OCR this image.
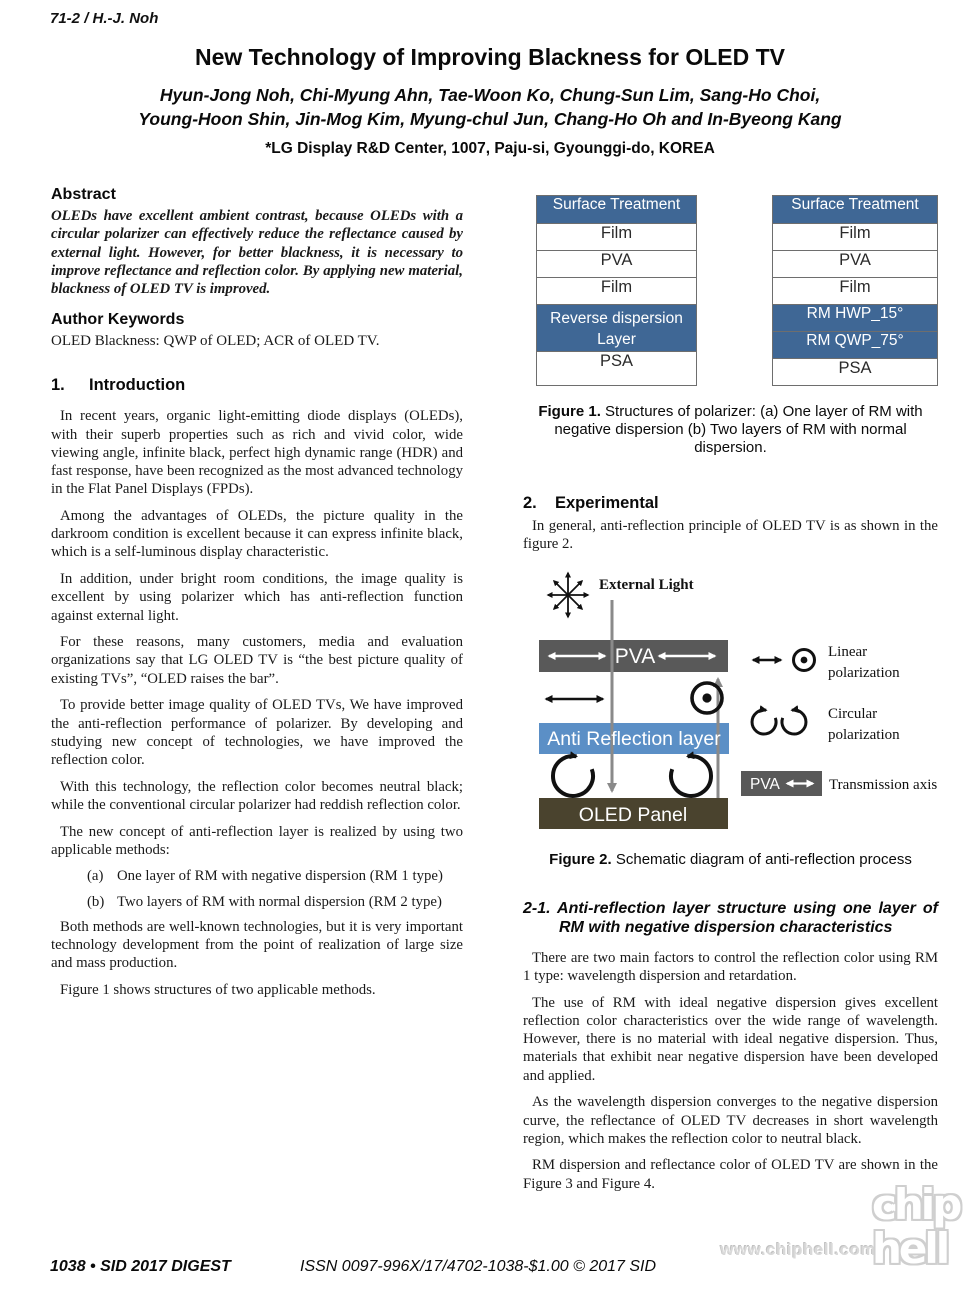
71-2 / H.-J. Noh
New Technology of Improving Blackness for OLED TV
Hyun-Jong Noh, Chi-Myung Ahn, Tae-Woon Ko, Chung-Sun Lim, Sang-Ho Choi,
Young-Hoon Shin, Jin-Mog Kim, Myung-chul Jun, Chang-Ho Oh and In-Byeong Kang
*LG Display R&D Center, 1007, Paju-si, Gyounggi-do, KOREA
Abstract

OLEDs have excellent ambient contrast, because OLEDs with a circular polarizer can effectively reduce the reflectance caused by external light. However, for better blackness, it is necessary to improve reflectance and reflection color. By applying new material, blackness of OLED TV is improved.

Author Keywords

OLED Blackness: QWP of OLED; ACR of OLED TV.

1. Introduction

In recent years, organic light-emitting diode displays (OLEDs), with their superb properties such as rich and vivid color, wide viewing angle, infinite black, perfect high dynamic range (HDR) and fast response, have been recognized as the most advanced technology in the Flat Panel Displays (FPDs).

Among the advantages of OLEDs, the picture quality in the darkroom condition is excellent because it can express infinite black, which is a self-luminous display characteristic.

In addition, under bright room conditions, the image quality is excellent by using polarizer which has anti-reflection function against external light.

For these reasons, many customers, media and evaluation organizations say that LG OLED TV is “the best picture quality of existing TVs”, “OLED raises the bar”.

To provide better image quality of OLED TVs, We have improved the anti-reflection performance of polarizer. By developing and studying new concept of technologies, we have improved the reflection color.

With this technology, the reflection color becomes neutral black; while the conventional circular polarizer had reddish reflection color.

The new concept of anti-reflection layer is realized by using two applicable methods:

(a) One layer of RM with negative dispersion (RM 1 type)
(b) Two layers of RM with normal dispersion (RM 2 type)

Both methods are well-known technologies, but it is very important technology development from the point of realization of large size and mass production.

Figure 1 shows structures of two applicable methods.

Surface Treatment
Film
PVA
Film
Reverse dispersion Layer
PSA
Surface Treatment
Film
PVA
Film
RM HWP_15°
RM QWP_75°
PSA

Figure 1. Structures of polarizer: (a) One layer of RM with negative dispersion (b) Two layers of RM with normal dispersion.

2. Experimental

In general, anti-reflection principle of OLED TV is as shown in the figure 2.

External Light
PVA
Anti Reflection layer
OLED Panel
Linear
polarization
Circular
polarization
PVA	Transmission axis

Figure 2. Schematic diagram of anti-reflection process

2-1. Anti-reflection layer structure using one layer of RM with negative dispersion characteristics

There are two main factors to control the reflection color using RM 1 type: wavelength dispersion and retardation.

The use of RM with ideal negative dispersion gives excellent reflection color characteristics over the wide range of wavelength. However, there is no material with ideal negative dispersion. Thus, materials that exhibit near negative dispersion have been developed and applied.

As the wavelength dispersion converges to the negative dispersion curve, the reflectance of OLED TV decreases in short wavelength region, which makes the reflection color to neutral black.

RM dispersion and reflectance color of OLED TV are shown in the Figure 3 and Figure 4.

1038 • SID 2017 DIGEST	ISSN 0097-996X/17/4702-1038-$1.00 © 2017 SID
www.chiphell.com
chip
hell
